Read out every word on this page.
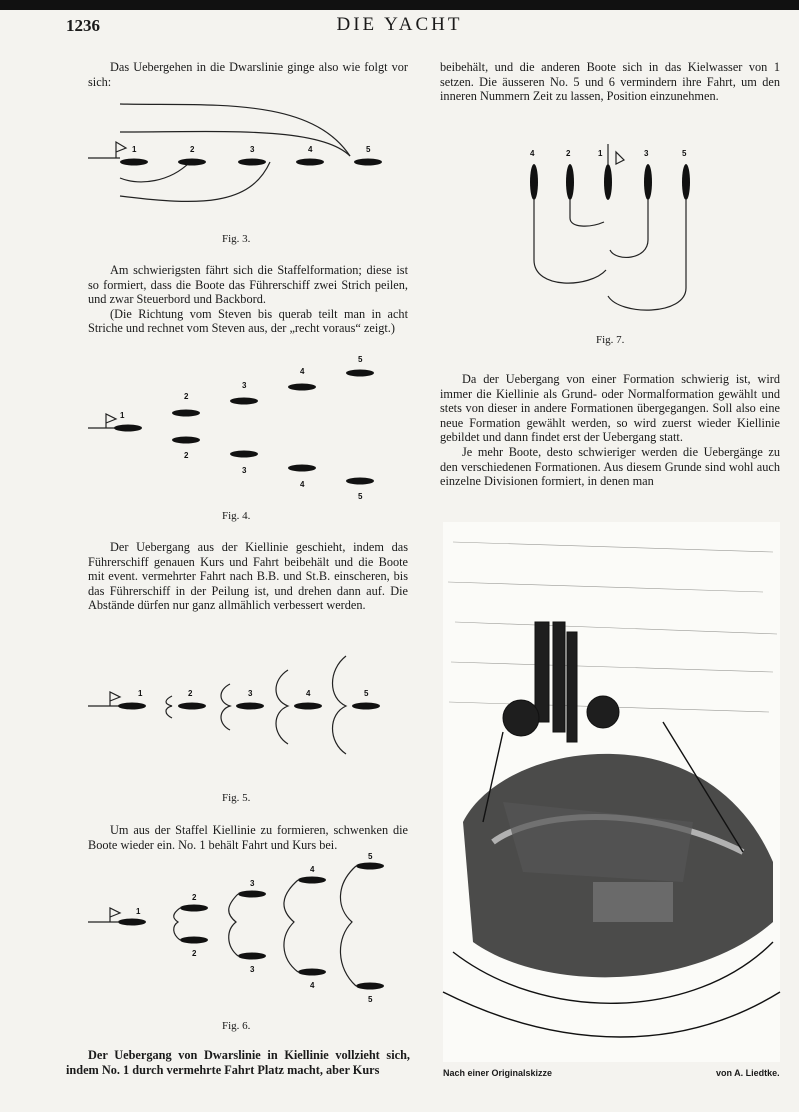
1236	DIE YACHT

Das Uebergehen in die Dwarslinie ginge also wie folgt vor sich:

1	2	3	4	5
Fig. 3.

Am schwierigsten fährt sich die Staffelformation; diese ist so formiert, dass die Boote das Führerschiff zwei Strich peilen, und zwar Steuerbord und Backbord.

(Die Richtung vom Steven bis querab teilt man in acht Striche und rechnet vom Steven aus, der „recht voraus“ zeigt.)

1
2
3
4
5
2
3
4
5
Fig. 4.

Der Uebergang aus der Kiellinie geschieht, indem das Führerschiff genauen Kurs und Fahrt beibehält und die Boote mit event. vermehrter Fahrt nach B.B. und St.B. einscheren, bis das Führerschiff in der Peilung ist, und drehen dann auf. Die Abstände dürfen nur ganz allmählich verbessert werden.

1	2	3	4	5
Fig. 5.

Um aus der Staffel Kiellinie zu formieren, schwenken die Boote wieder ein. No. 1 behält Fahrt und Kurs bei.

1
2
3
4
5
2
3
4
5
Fig. 6.

Der Uebergang von Dwarslinie in Kiellinie vollzieht sich, indem No. 1 durch vermehrte Fahrt Platz macht, aber Kurs

beibehält, und die anderen Boote sich in das Kielwasser von 1 setzen. Die äusseren No. 5 und 6 vermindern ihre Fahrt, um den inneren Nummern Zeit zu lassen, Position einzunehmen.

4	2	1	3	5
Fig. 7.

Da der Uebergang von einer Formation schwierig ist, wird immer die Kiellinie als Grund- oder Normalformation gewählt und stets von dieser in andere Formationen übergegangen. Soll also eine neue Formation gewählt werden, so wird zuerst wieder Kiellinie gebildet und dann findet erst der Uebergang statt.

Je mehr Boote, desto schwieriger werden die Uebergänge zu den verschiedenen Formationen. Aus diesem Grunde sind wohl auch einzelne Divisionen formiert, in denen man

Nach einer Originalskizze	von A. Liedtke.
